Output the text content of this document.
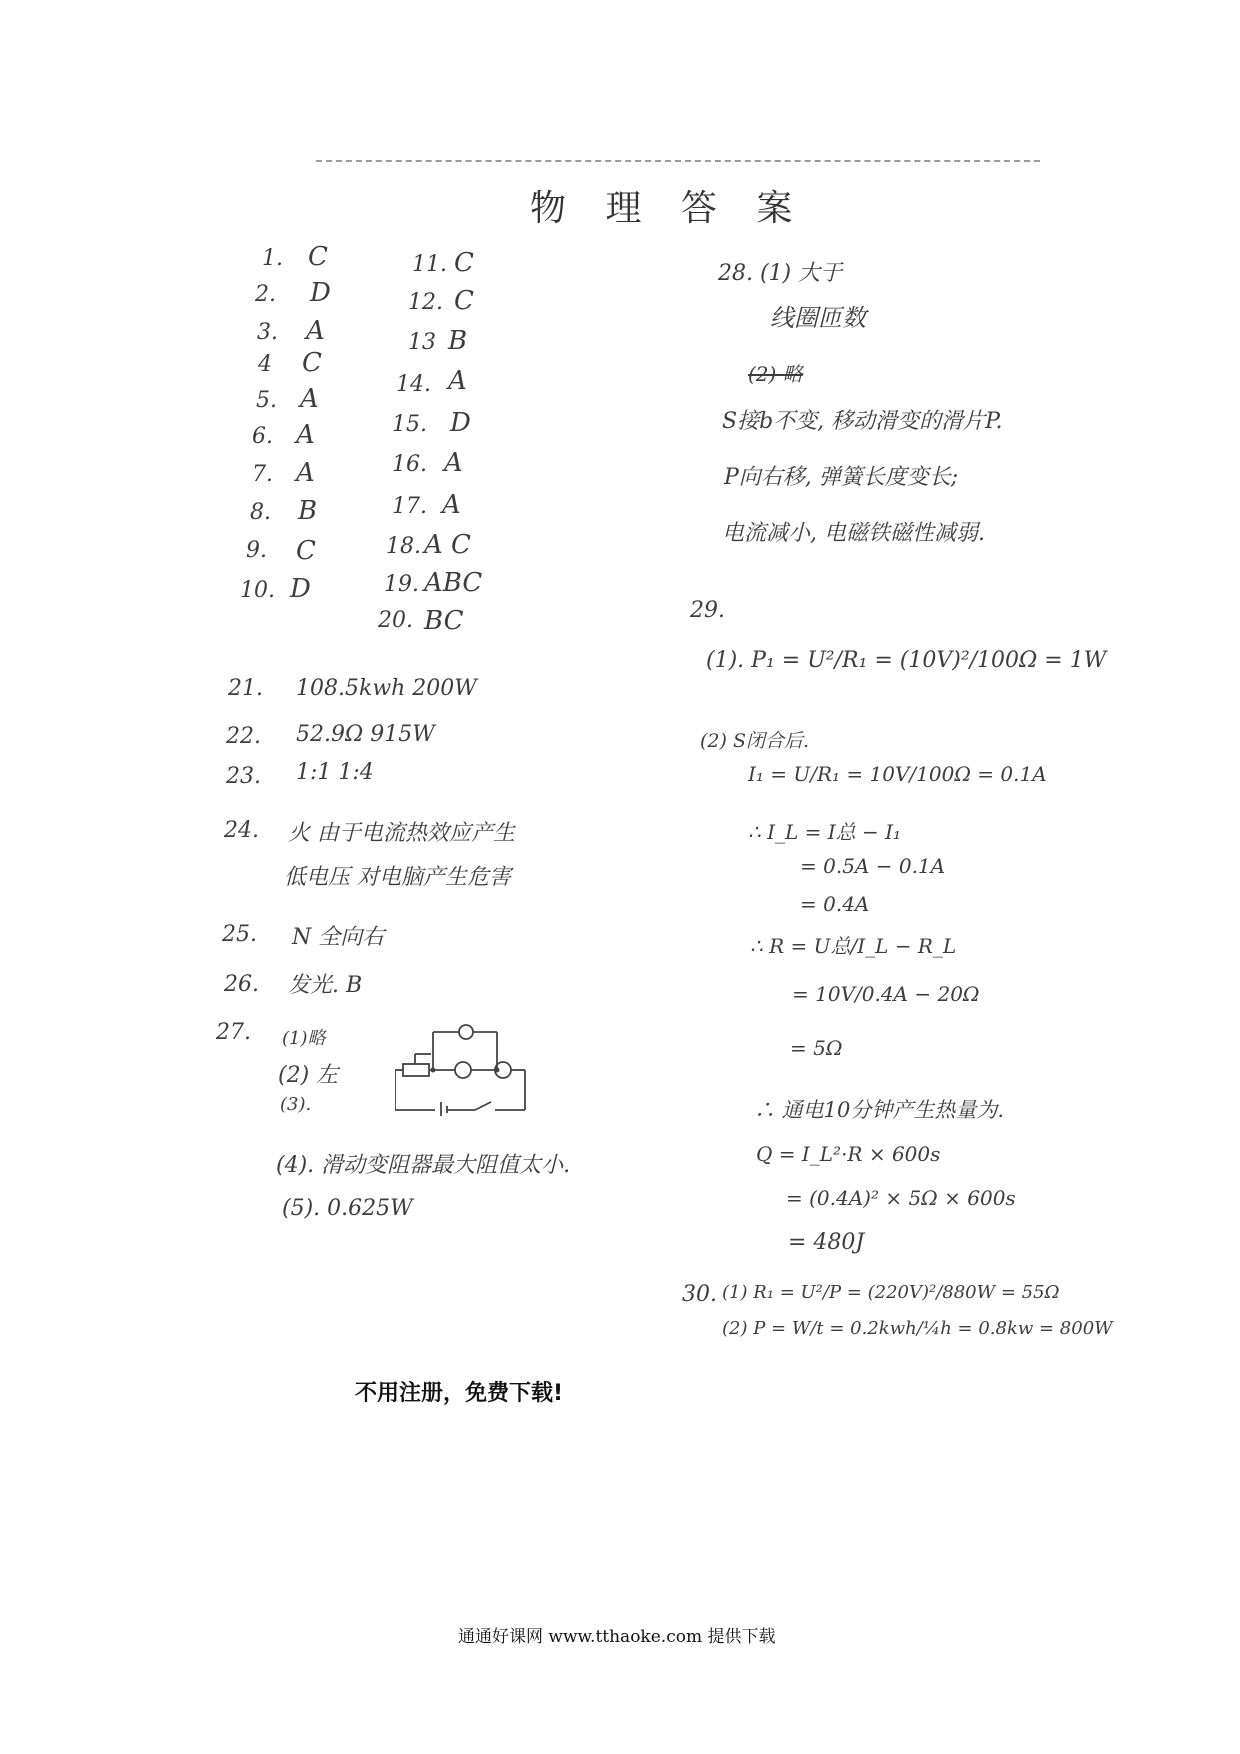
物 理 答 案
1. C
2. D
3. A
4 C
5. A
6. A
7. A
8. B
9. C
10. D
11. C
12. C
13 B
14. A
15. D
16. A
17. A
18. A C
19. ABC
20. BC
21. 108.5kwh 200W
22. 52.9Ω 915W
23. 1:1 1:4
24. 火 由于电流热效应产生
低电压 对电脑产生危害
25. N 全向右
26. 发光. B
27. (1)略
(2) 左
(3).
(4). 滑动变阻器最大阻值太小.
(5). 0.625W
28. (1) 大于
线圈匝数
(2) 略
S接b不变, 移动滑变的滑片P.
P向右移, 弹簧长度变长;
电流减小, 电磁铁磁性减弱.
29.
(1). P₁ = U²/R₁ = (10V)²/100Ω = 1W
(2) S闭合后.
I₁ = U/R₁ = 10V/100Ω = 0.1A
∴ I_L = I总 − I₁
= 0.5A − 0.1A
= 0.4A
∴ R = U总/I_L − R_L
= 10V/0.4A − 20Ω
= 5Ω
∴ 通电10分钟产生热量为.
Q = I_L²·R × 600s
= (0.4A)² × 5Ω × 600s
= 480J
30. (1) R₁ = U²/P = (220V)²/880W = 55Ω
(2) P = W/t = 0.2kwh/¼h = 0.8kw = 800W
不用注册，免费下载!
通通好课网 www.tthaoke.com 提供下载
